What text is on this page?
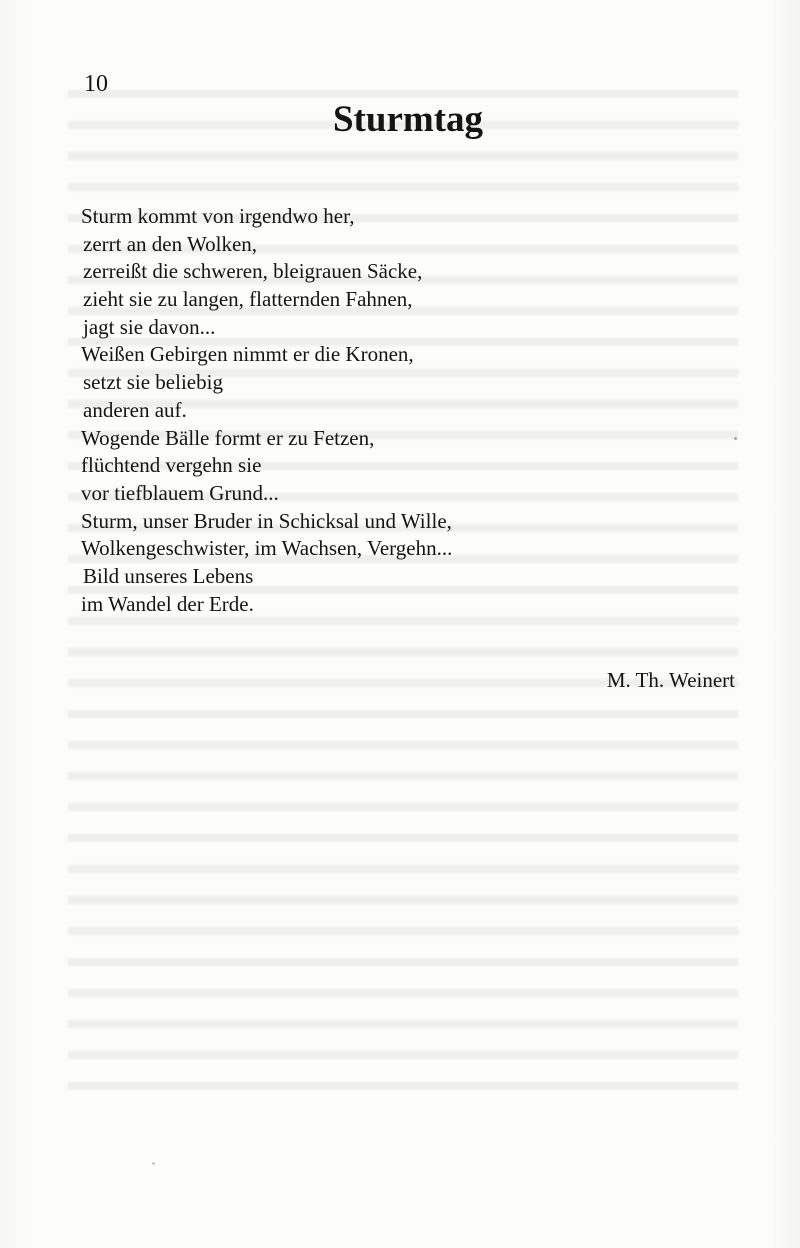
10
Sturmtag
Sturm kommt von irgendwo her,
zerrt an den Wolken,
zerreißt die schweren, bleigrauen Säcke,
zieht sie zu langen, flatternden Fahnen,
jagt sie davon...
Weißen Gebirgen nimmt er die Kronen,
setzt sie beliebig
anderen auf.
Wogende Bälle formt er zu Fetzen,
flüchtend vergehn sie
vor tiefblauem Grund...
Sturm, unser Bruder in Schicksal und Wille,
Wolkengeschwister, im Wachsen, Vergehn...
Bild unseres Lebens
im Wandel der Erde.
M. Th. Weinert
